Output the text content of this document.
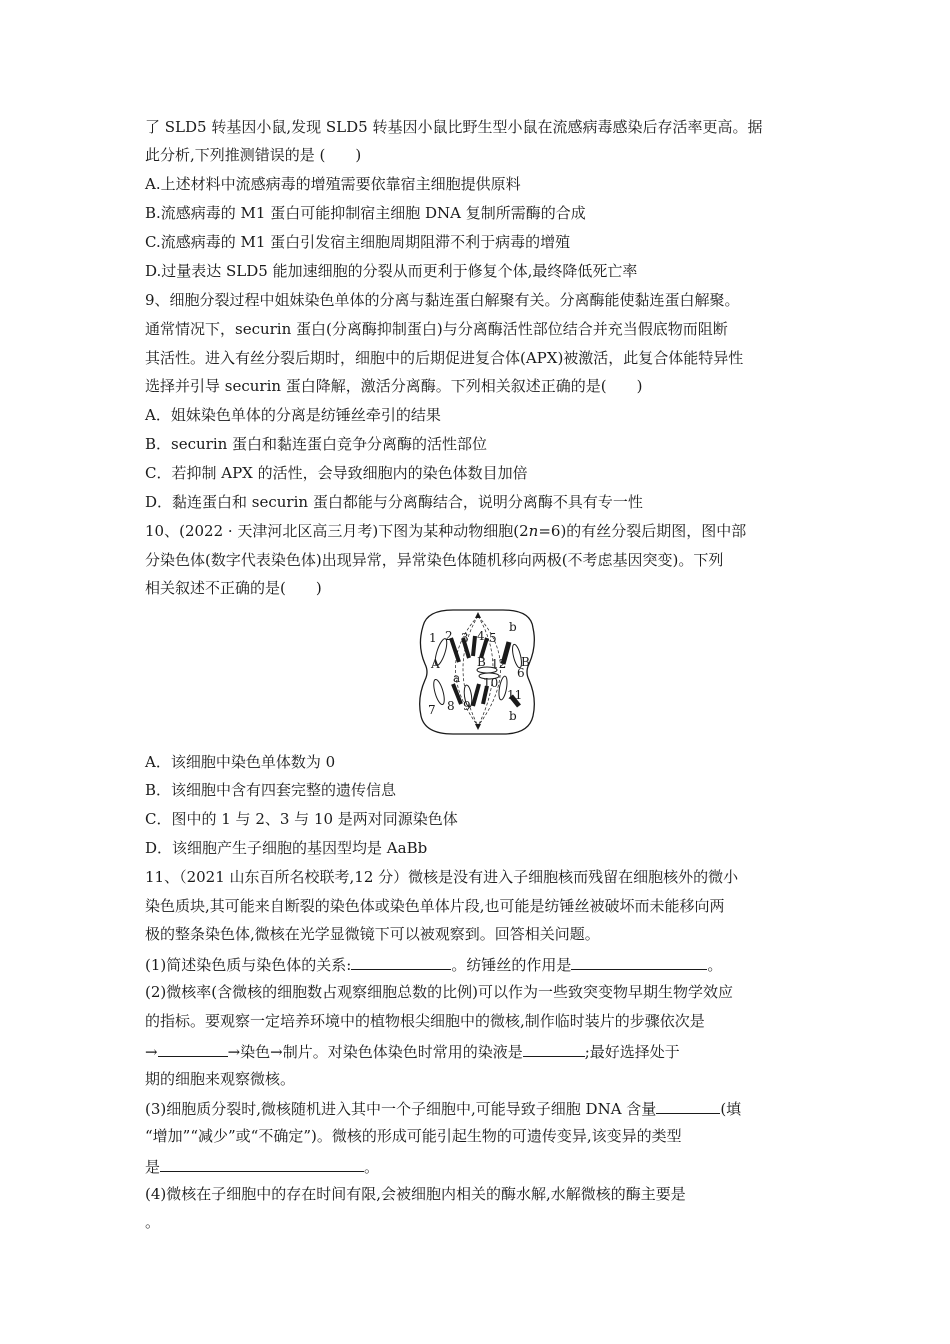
了 SLD5 转基因小鼠,发现 SLD5 转基因小鼠比野生型小鼠在流感病毒感染后存活率更高。据
此分析,下列推测错误的是 (　　)
A.上述材料中流感病毒的增殖需要依靠宿主细胞提供原料
B.流感病毒的 M1 蛋白可能抑制宿主细胞 DNA 复制所需酶的合成
C.流感病毒的 M1 蛋白引发宿主细胞周期阻滞不利于病毒的增殖
D.过量表达 SLD5 能加速细胞的分裂从而更利于修复个体,最终降低死亡率
9、细胞分裂过程中姐妹染色单体的分离与黏连蛋白解聚有关。分离酶能使黏连蛋白解聚。
通常情况下，securin 蛋白(分离酶抑制蛋白)与分离酶活性部位结合并充当假底物而阻断
其活性。进入有丝分裂后期时，细胞中的后期促进复合体(APX)被激活，此复合体能特异性
选择并引导 securin 蛋白降解，激活分离酶。下列相关叙述正确的是(　　)
A．姐妹染色单体的分离是纺锤丝牵引的结果
B．securin 蛋白和黏连蛋白竞争分离酶的活性部位
C．若抑制 APX 的活性，会导致细胞内的染色体数目加倍
D．黏连蛋白和 securin 蛋白都能与分离酶结合，说明分离酶不具有专一性
10、(2022 · 天津河北区高三月考)下图为某种动物细胞(2n=6)的有丝分裂后期图，图中部
分染色体(数字代表染色体)出现异常，异常染色体随机移向两极(不考虑基因突变)。下列
相关叙述不正确的是(　　)
1 2 3 4 5
b
A	B 12 B
6
a 10
7 8 9
11
b
A．该细胞中染色单体数为 0
B．该细胞中含有四套完整的遗传信息
C．图中的 1 与 2、3 与 10 是两对同源染色体
D．该细胞产生子细胞的基因型均是 AaBb
11、（2021 山东百所名校联考,12 分）微核是没有进入子细胞核而残留在细胞核外的微小
染色质块,其可能来自断裂的染色体或染色单体片段,也可能是纺锤丝被破坏而未能移向两
极的整条染色体,微核在光学显微镜下可以被观察到。回答相关问题。
(1)简述染色质与染色体的关系:	。纺锤丝的作用是	。
(2)微核率(含微核的细胞数占观察细胞总数的比例)可以作为一些致突变物早期生物学效应
的指标。要观察一定培养环境中的植物根尖细胞中的微核,制作临时装片的步骤依次是
→	→染色→制片。对染色体染色时常用的染液是	;最好选择处于
期的细胞来观察微核。
(3)细胞质分裂时,微核随机进入其中一个子细胞中,可能导致子细胞 DNA 含量	(填
“增加”“减少”或“不确定”)。微核的形成可能引起生物的可遗传变异,该变异的类型
是	。
(4)微核在子细胞中的存在时间有限,会被细胞内相关的酶水解,水解微核的酶主要是
。
